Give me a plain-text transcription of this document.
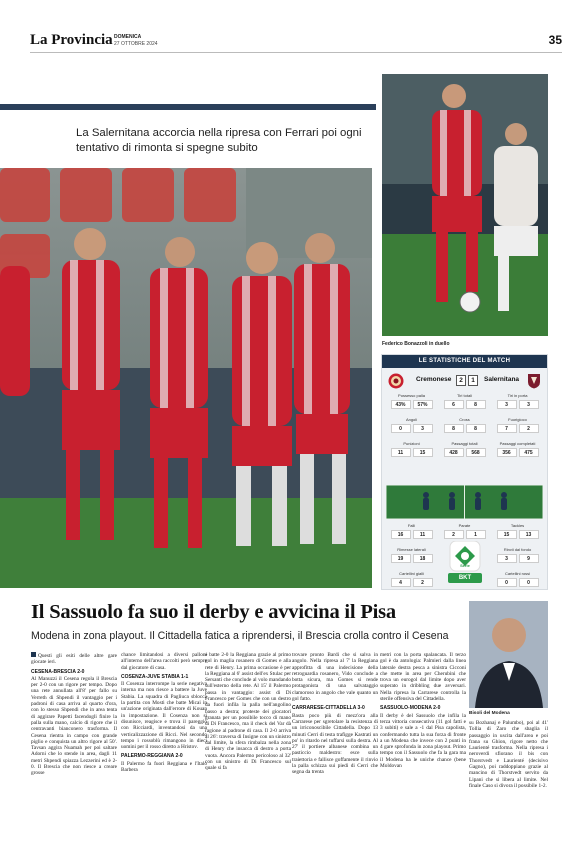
La Provincia DOMENICA
27 OTTOBRE 2024	35
La Salernitana accorcia nella ripresa con Ferrari poi ogni tentativo di rimonta si spegne subito
Federico Bonazzoli in duello
LE STATISTICHE DEL MATCH
Cremonese	2	1	Salernitana
Possesso palla
43%	57%
Tiri totali
6	8
Tiri in porta
3	3
Angoli
0	3
Cross
8	8
Fuorigioco
7	2
Punizioni
11	15
Passaggi totali
428	568
Passaggi completati
356	475
Falli
16	11
Parate
2	1
Tackles
15	13
Rimesse laterali
19	18
Rinvii dal fondo
3	9
Cartellini gialli
4	2
Cartellini rossi
0	0
Serie
BKT
Il Sassuolo fa suo il derby e avvicina il Pisa
Modena in zona playout. Il Cittadella fatica a riprendersi, il Brescia crolla contro il Cesena

Questi gli esiti delle altre gare giocate ieri.

CESENA-BRESCIA 2-0

Al Manuzzi il Cesena regola il Brescia per 2-0 con un rigore per tempo. Dopo una rete annullata all'8' per fallo su Verreth di Shpendi il vantaggio per i padroni di casa arriva al quarto d'ora, con lo stesso Shpendi che in area tenta di aggirare Papetti facendogli finire la palla sulla mano, calcio di rigore che il centravanti bianconero trasforma. Il Cesena rientra in campo con grande piglio e conquista un altro rigore al 50'. Tavsan aggira Nuamah per poi saltare Adorni che lo stende in area, dagli 11 metri Shpendi spiazza Lezzerini ed è 2-0. Il Brescia che non riesce a creare grosse

chance limitandosi a diversi palloni all'interno dell'area raccolti però sempre dal giocatore di casa.

COSENZA-JUVE STABIA 1-1

Il Cosenza interrompe la serie negativa interna ma non riesce a battere la Juve Stabia. La squadra di Pagliuca sblocca la partita con Mosti che batte Micai in un'azione originata dall'errore di Kouan in impostazione. Il Cosenza non si disunisce, reagisce e trova il pareggio con Ricciardi, inventandosi da una verticalizzazione di Ricci. Nel secondo tempo i rossoblù rimangono in dieci uomini per il rosso diretto a Hristov.

PALERMO-REGGIANA 2-0

Il Palermo fa fuori Reggiana e l'Italo Barbera

e batte 2-0 la Reggiana grazie al primo gol in maglia rosanero di Gomes e alla rete di Henry. La prima occasione è per la Reggiana al 6' assist dell'ex Stulac per Sersanti che conclude al volo mandando sull'esterno della rete. Al 15' il Palermo passa in vantaggio: assist di Di Francesco per Gomes che con un destro da fuori infila la palla nell'angolino basso a destra; proteste dei giocatori granata per un possibile tocco di mano di Di Francesco, ma il check del Var dà ragione al padrone di casa. Il 2-0 arriva al 26': traversa di Insigne con un sinistro dal limite, la sfera rimbalza nella zona di Henry che insacca di destro a porta vuota. Ancora Palermo pericoloso al 32' con un sinistro di Di Francesco sul quale si fa

trovare pronto Bardi che si salva in angolo. Nella ripresa al 7' la Reggiana approfitta di una indecisione della retroguardia rosanero, Vido conclude a botta sicura, ma Gomes si rende protagonista di una salvataggio clamoroso in angolo che vale quanto un gol fatto.

CARRARESE-CITTADELLA 3-0

Basta poco più di mezz'ora alla Carrarese per sgretolare la resistenza di un irriconoscibile Cittadella. Dopo 13 minuti Cerri di testa trafigge Kastrati un po' in ritardo nel tuffarsi sulla destra. Al 27' il portiere albanese combina un pasticcio maldestro: esce sulla traiettoria e fallisce goffamente il rinvio la palla schizza sui piedi di Cerri che segna da trenta

metri con la porta spalancata. Il terzo gol è da antologia: Palmieri dalla linea laterale destra pesca a sinistra Cicconi che mette in area per Cherubini che trova un eurogol dal limite dopo aver superato in dribbling due avversari. Nella ripresa la Carrarese controlla la sterile offensiva del Cittadella.

SASSUOLO-MODENA 2-0

Il derby è del Sassuolo che infila la terza vittoria consecutiva (11 gol fatti e 3 subiti) e sale a -1 dal Pisa capolista, confermando tutta la sua forza di fronte a un Modena che invece con 2 punti in 4 gare sprofonda in zona playout. Primo tempo con il Sassuolo che fa la gara ma il Modena ha le uniche chance (bene Moldovan

Bisoli del Modena

su Bozhanaj e Palumbo), poi al 41' Tollia di Zaro che sbaglia il passaggio in uscita dall'area e poi frana su Ghion, rigore netto che Laurienté trasforma. Nella ripresa i neroverdi sfiorano il bis con Thorstvedt e Laurienté (decisivo Gagno), poi raddoppiano grazie al mancino di Thorstvedt servito da Lipani che si libera al limite. Nel finale Caso si divora il possibile 1-2.
